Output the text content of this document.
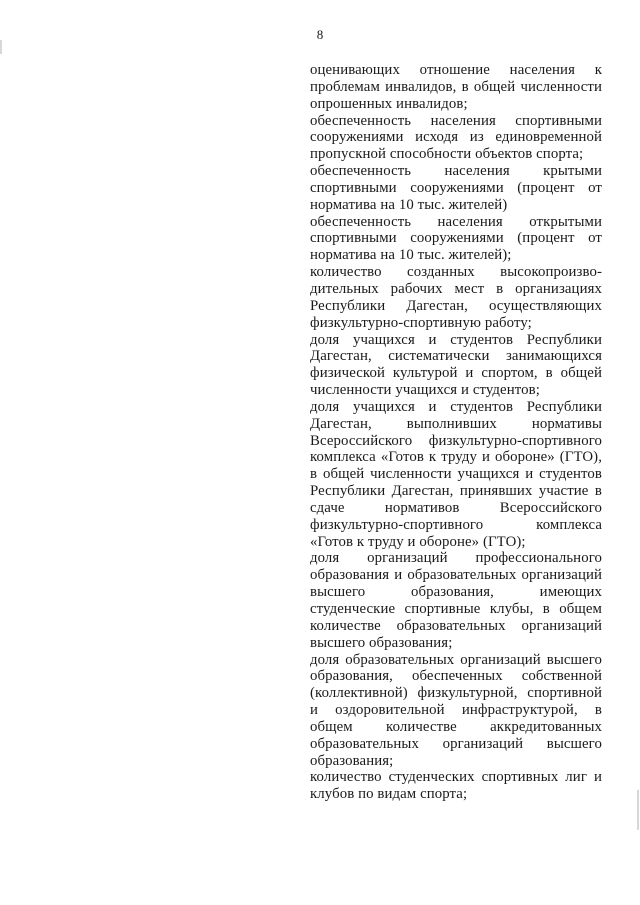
8
оценивающих отношение населения к
проблемам инвалидов, в общей численности
опрошенных инвалидов;
обеспеченность населения спортивными
сооружениями исходя из единовременной
пропускной способности объектов спорта;
обеспеченность населения крытыми
спортивными сооружениями (процент от
норматива на 10 тыс. жителей)
обеспеченность населения открытыми
спортивными сооружениями (процент от
норматива на 10 тыс. жителей);
количество созданных высокопроизво-
дительных рабочих мест в организациях
Республики Дагестан, осуществляющих
физкультурно-спортивную работу;
доля учащихся и студентов Республики
Дагестан, систематически занимающихся
физической культурой и спортом, в общей
численности учащихся и студентов;
доля учащихся и студентов Республики
Дагестан, выполнивших нормативы
Всероссийского физкультурно-спортивного
комплекса «Готов к труду и обороне» (ГТО),
в общей численности учащихся и студентов
Республики Дагестан, принявших участие в
сдаче нормативов Всероссийского
физкультурно-спортивного комплекса
«Готов к труду и обороне» (ГТО);
доля организаций профессионального
образования и образовательных организаций
высшего образования, имеющих
студенческие спортивные клубы, в общем
количестве образовательных организаций
высшего образования;
доля образовательных организаций высшего
образования, обеспеченных собственной
(коллективной) физкультурной, спортивной
и оздоровительной инфраструктурой, в
общем количестве аккредитованных
образовательных организаций высшего
образования;
количество студенческих спортивных лиг и
клубов по видам спорта;
